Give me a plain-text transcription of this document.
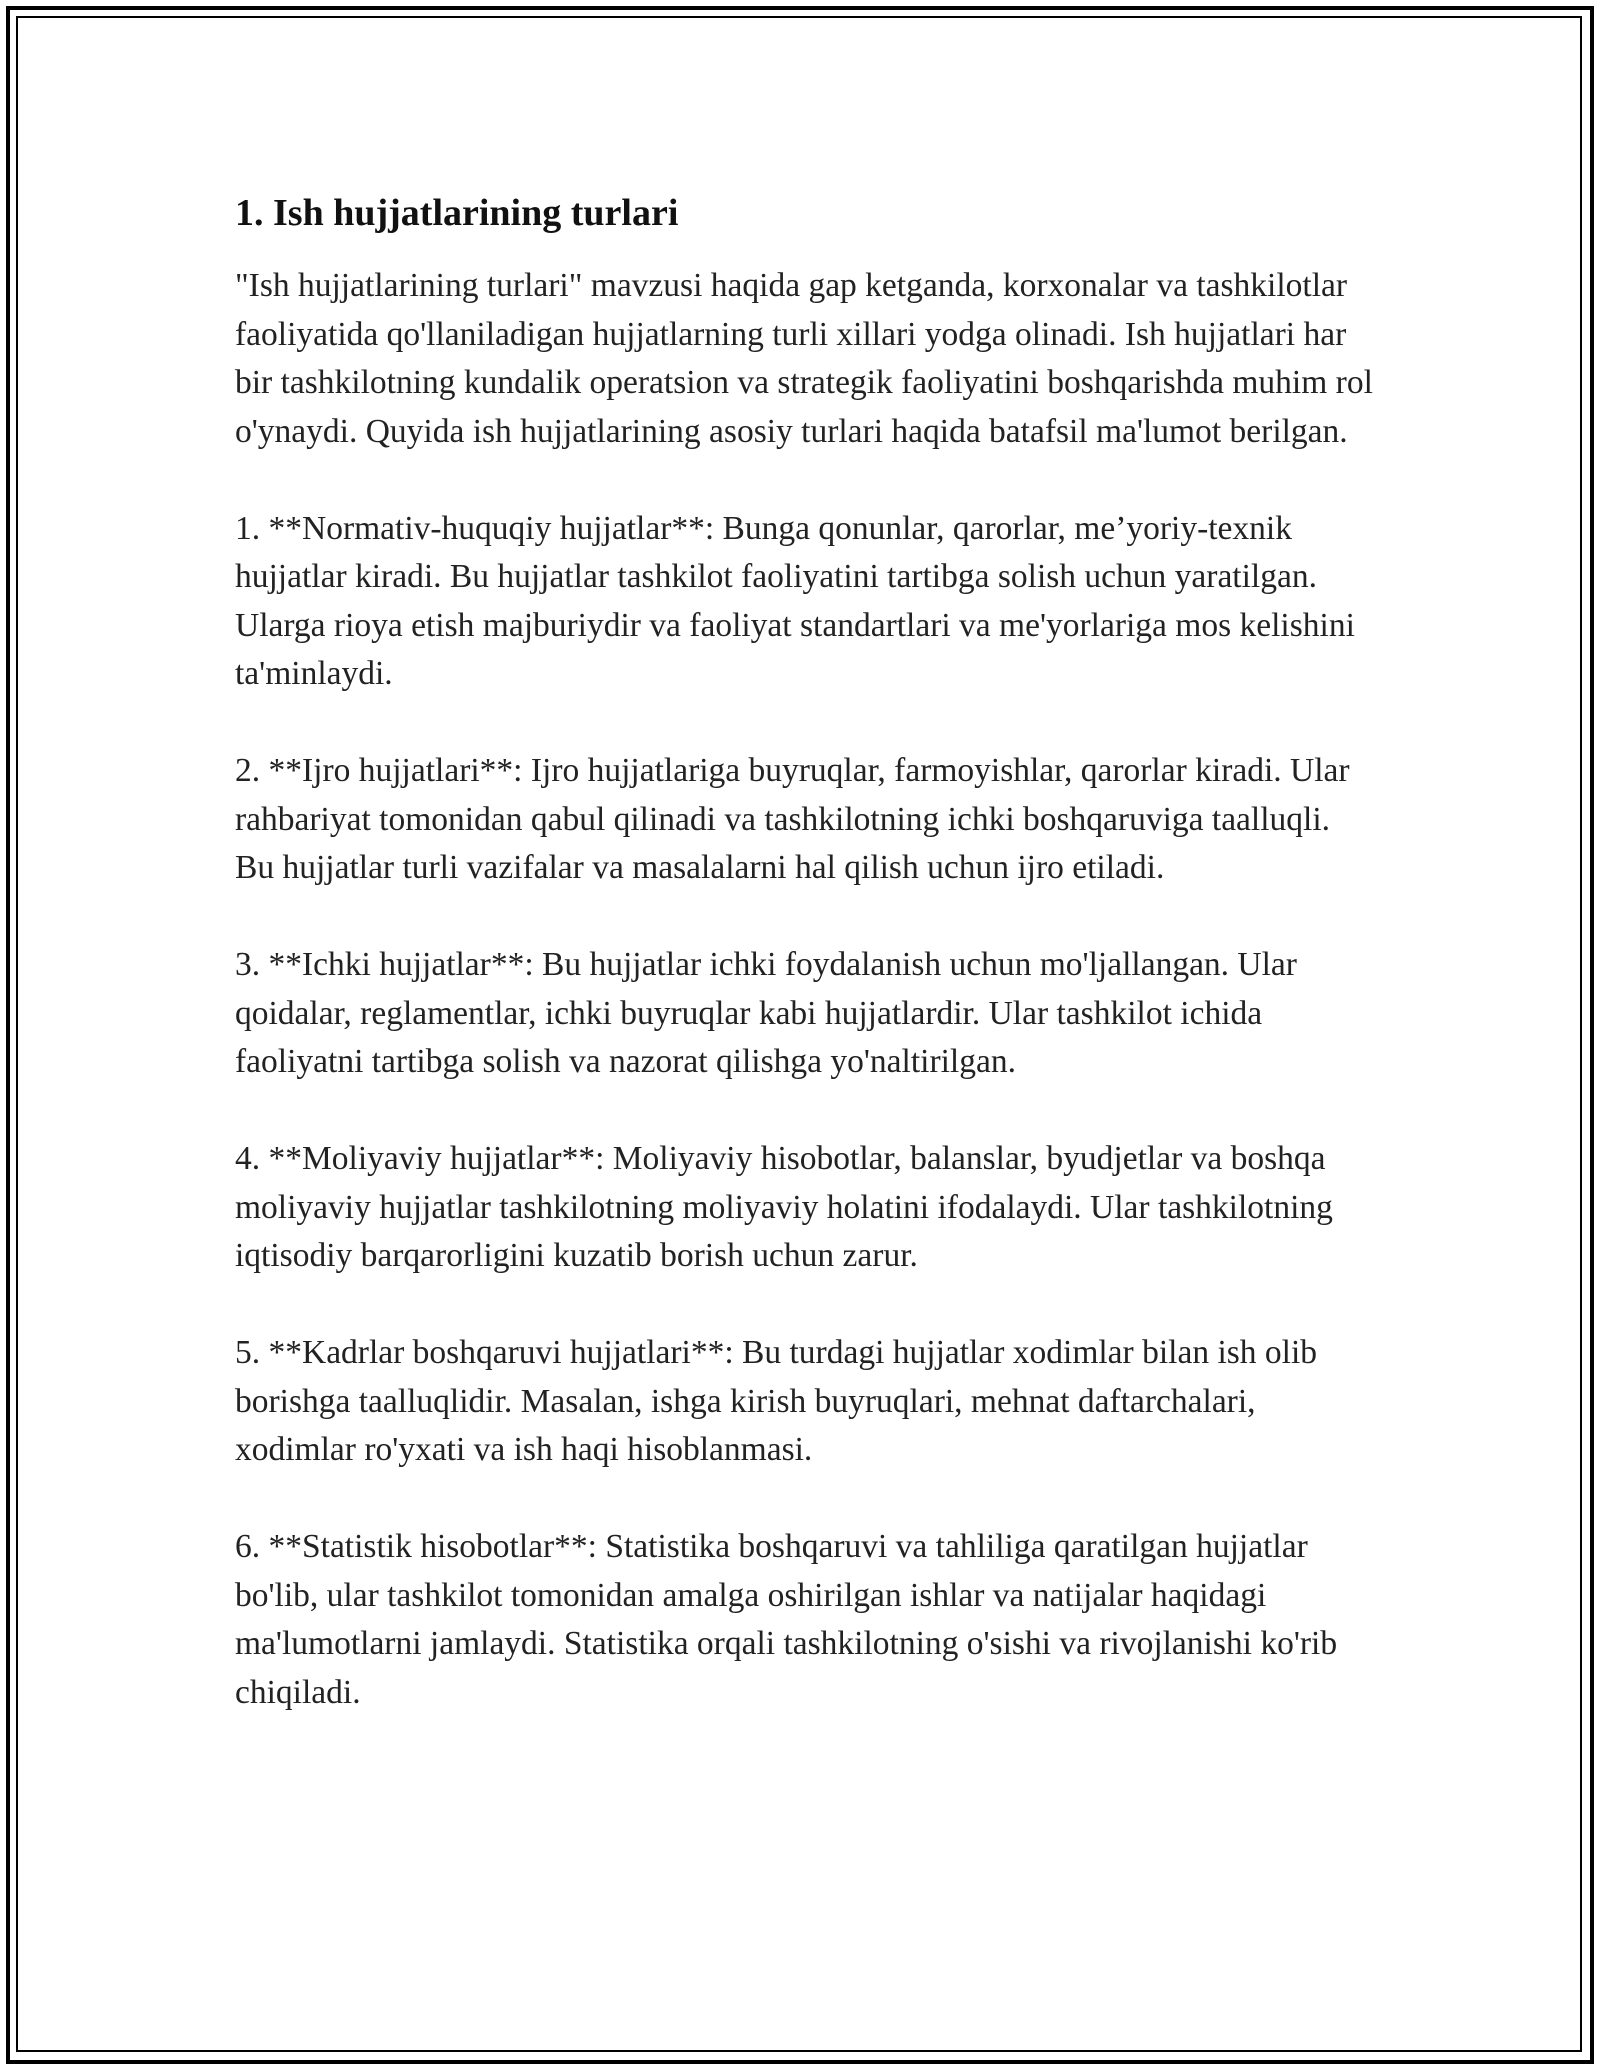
1. Ish hujjatlarining turlari

"Ish hujjatlarining turlari" mavzusi haqida gap ketganda, korxonalar va tashkilotlar faoliyatida qo'llaniladigan hujjatlarning turli xillari yodga olinadi. Ish hujjatlari har bir tashkilotning kundalik operatsion va strategik faoliyatini boshqarishda muhim rol o'ynaydi. Quyida ish hujjatlarining asosiy turlari haqida batafsil ma'lumot berilgan.

1. **Normativ-huquqiy hujjatlar**: Bunga qonunlar, qarorlar, me’yoriy-texnik hujjatlar kiradi. Bu hujjatlar tashkilot faoliyatini tartibga solish uchun yaratilgan. Ularga rioya etish majburiydir va faoliyat standartlari va me'yorlariga mos kelishini ta'minlaydi.

2. **Ijro hujjatlari**: Ijro hujjatlariga buyruqlar, farmoyishlar, qarorlar kiradi. Ular rahbariyat tomonidan qabul qilinadi va tashkilotning ichki boshqaruviga taalluqli. Bu hujjatlar turli vazifalar va masalalarni hal qilish uchun ijro etiladi.

3. **Ichki hujjatlar**: Bu hujjatlar ichki foydalanish uchun mo'ljallangan. Ular qoidalar, reglamentlar, ichki buyruqlar kabi hujjatlardir. Ular tashkilot ichida faoliyatni tartibga solish va nazorat qilishga yo'naltirilgan.

4. **Moliyaviy hujjatlar**: Moliyaviy hisobotlar, balanslar, byudjetlar va boshqa moliyaviy hujjatlar tashkilotning moliyaviy holatini ifodalaydi. Ular tashkilotning iqtisodiy barqarorligini kuzatib borish uchun zarur.

5. **Kadrlar boshqaruvi hujjatlari**: Bu turdagi hujjatlar xodimlar bilan ish olib borishga taalluqlidir. Masalan, ishga kirish buyruqlari, mehnat daftarchalari, xodimlar ro'yxati va ish haqi hisoblanmasi.

6. **Statistik hisobotlar**: Statistika boshqaruvi va tahliliga qaratilgan hujjatlar bo'lib, ular tashkilot tomonidan amalga oshirilgan ishlar va natijalar haqidagi ma'lumotlarni jamlaydi. Statistika orqali tashkilotning o'sishi va rivojlanishi ko'rib chiqiladi.
